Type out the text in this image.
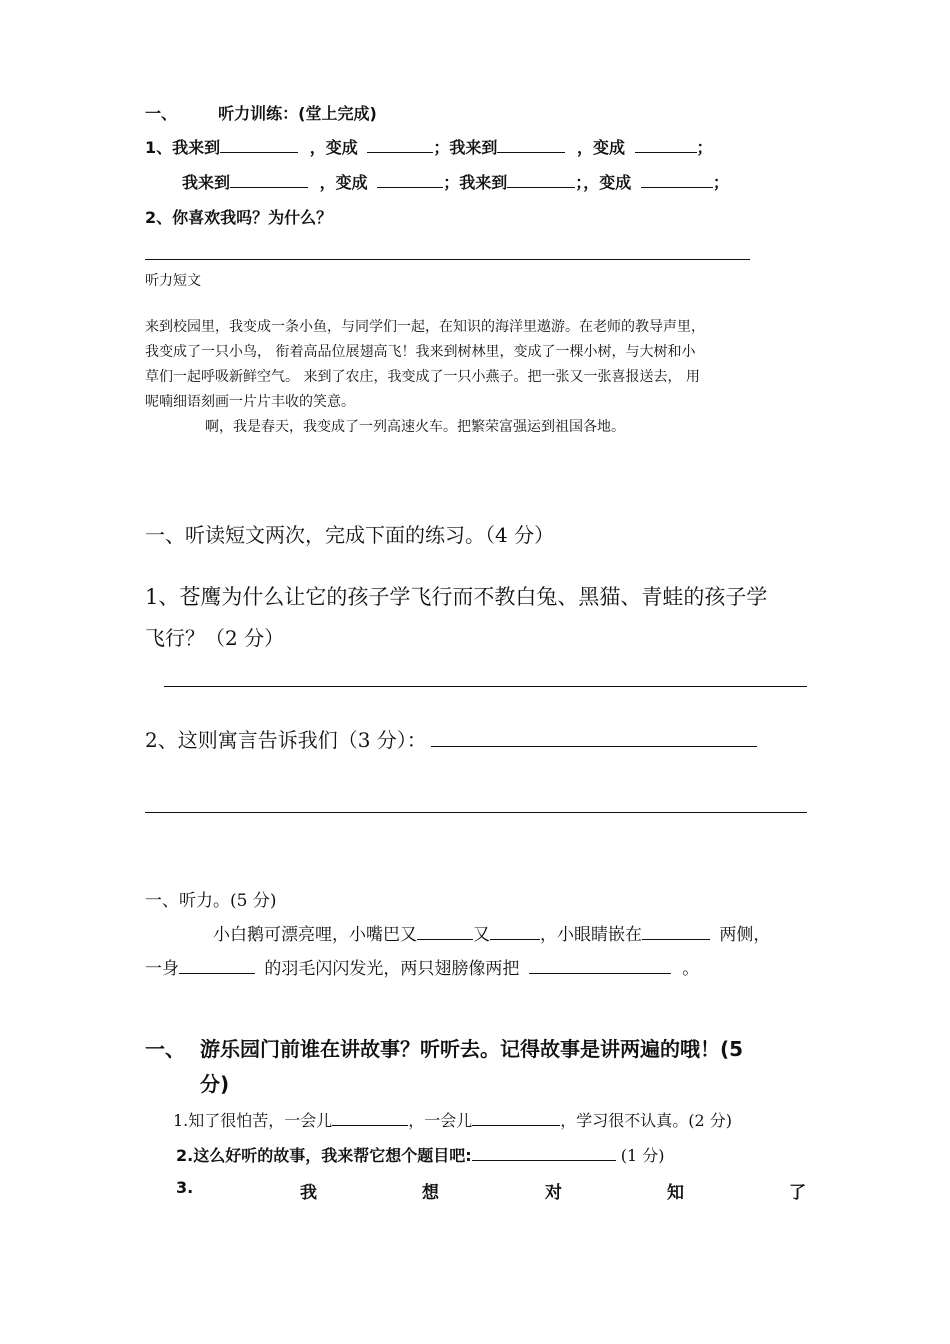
一、	听力训练：(堂上完成)
1、我来到	，变成	；我来到	，变成	；
我来到	，变成	；我来到	；，变成	；
2、你喜欢我吗？为什么？
听力短文
来到校园里，我变成一条小鱼，与同学们一起，在知识的海洋里遨游。在老师的教导声里，
我变成了一只小鸟， 衔着高品位展翅高飞！我来到树林里，变成了一棵小树，与大树和小
草们一起呼吸新鲜空气。 来到了农庄，我变成了一只小燕子。把一张又一张喜报送去， 用
呢喃细语刻画一片片丰收的笑意。
啊，我是春天，我变成了一列高速火车。把繁荣富强运到祖国各地。
一、听读短文两次，完成下面的练习。（4 分）
1、苍鹰为什么让它的孩子学飞行而不教白兔、黑猫、青蛙的孩子学
飞行？（2 分）
2、这则寓言告诉我们（3 分）：
一、听力。(5 分)
小白鹅可漂亮哩，小嘴巴又	又	，小眼睛嵌在	两侧，
一身	的羽毛闪闪发光，两只翅膀像两把	。
一、 游乐园门前谁在讲故事？听听去。记得故事是讲两遍的哦！(5
分)
1.知了很怕苦，一会儿	，一会儿	，学习很不认真。(2 分)
2.这么好听的故事，我来帮它想个题目吧:	(1 分)
3.	我	想	对	知	了
